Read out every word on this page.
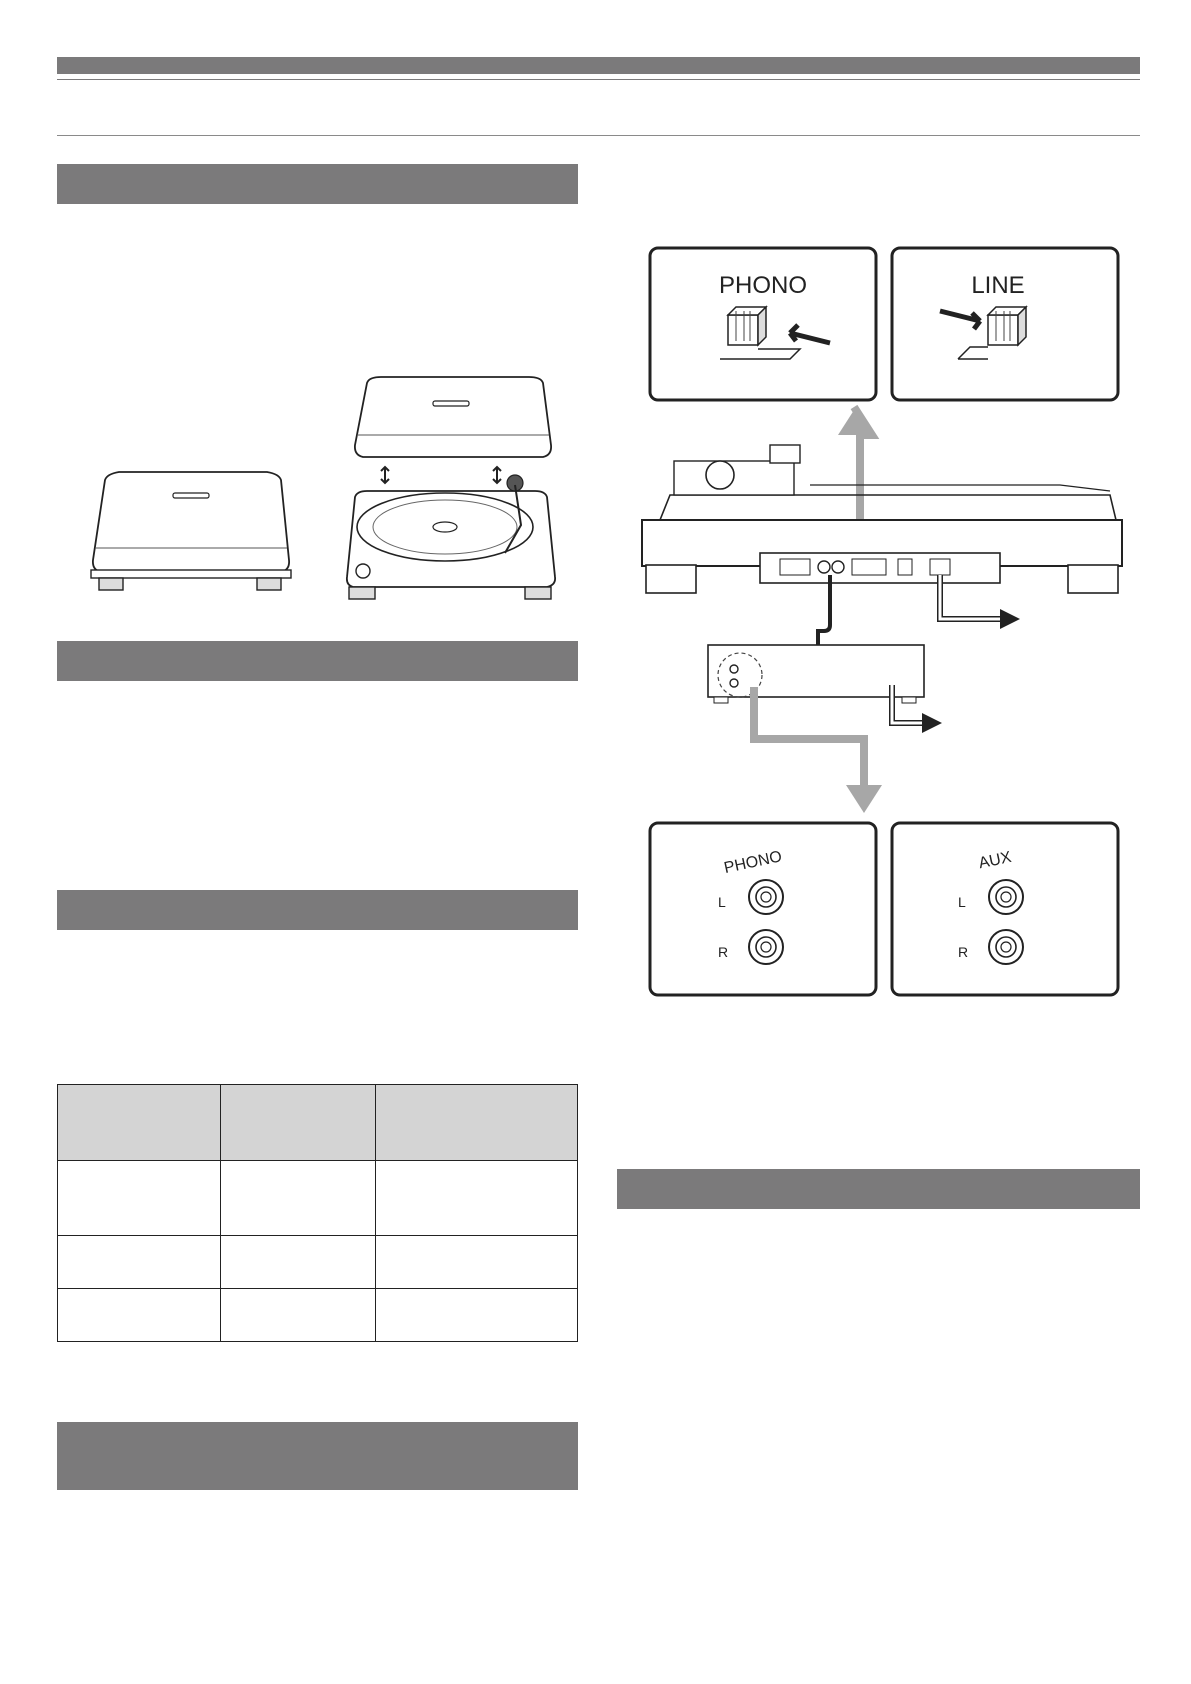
PHONO	LINE
PHONO
L
R
AUX
L
R
